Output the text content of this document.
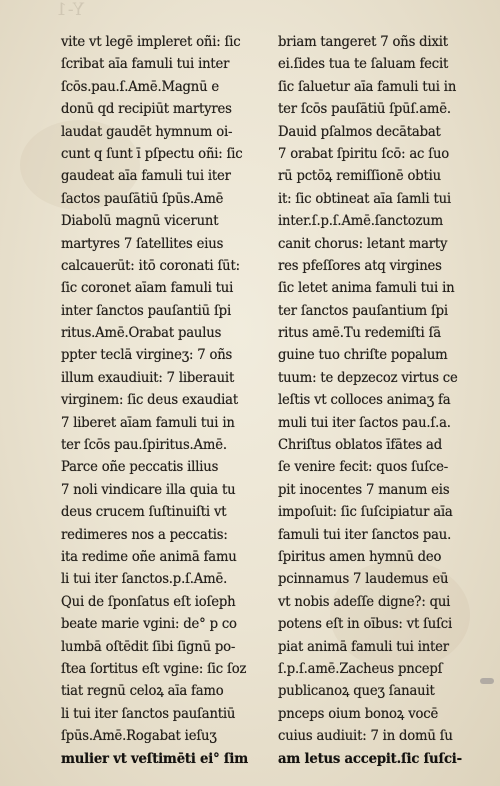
Y-1
vite vt legē impleret oñi: ſic
ſcribat aīa famuli tui inter
ſcōs.pau.ſ.Amē.Magnū e
donū qd recipiūt martyres
laudat gaudēt hymnum oi-
cunt q ſunt ī pſpectu oñi: ſic
gaudeat aīa famuli tui iter
ſactos pauſātiū ſpūs.Amē
Diabolū magnū vicerunt
martyres 7 ſatellites eius
calcauerūt: itō coronati ſūt:
ſic coronet aīam famuli tui
inter ſanctos pauſantiū ſpi
ritus.Amē.Orabat paulus
ppter teclā virgineʒ: 7 oñs
illum exaudiuit: 7 liberauit
virginem: ſic deus exaudiat
7 liberet aīam famuli tui in
ter ſcōs pau.ſpiritus.Amē.
Parce oñe peccatis illius
7 noli vindicare illa quia tu
deus crucem ſuſtinuiſti vt
redimeres nos a peccatis:
ita redime oñe animā famu
li tui iter ſanctos.p.ſ.Amē.
Qui de ſponſatus eſt ioſeph
beate marie vgini: de° p co
lumbā oſtēdit ſibi ſignū po-
ſtea ſortitus eſt vgine: ſic ſoz
tiat regnū celoꝝ aīa famo
li tui iter ſanctos pauſantiū
ſpūs.Amē.Rogabat ieſuʒ
mulier vt veſtimēti ei° ſim
briam tangeret 7 oñs dixit
ei.ſides tua te ſaluam fecit
ſic ſaluetur aīa famuli tui in
ter ſcōs pauſātiū ſpūſ.amē.
Dauid pſalmos decātabat
7 orabat ſpiritu ſcō: ac ſuo
rū pctōꝝ remiſſionē obtiu
it: ſic obtineat aīa ſamli tui
inter.ſ.p.ſ.Amē.ſanctozum
canit chorus: letant marty
res pfeſſores atq virgines
ſic letet anima famuli tui in
ter ſanctos pauſantium ſpi
ritus amē.Tu redemiſti ſā
guine tuo chriſte popalum
tuum: te depzecoz virtus ce
leſtis vt colloces animaʒ fa
muli tui iter ſactos pau.ſ.a.
Chriſtus oblatos īfātes ad
ſe venire fecit: quos ſuſce-
pit inocentes 7 manum eis
impoſuit: ſic ſuſcipiatur aīa
famuli tui iter ſanctos pau.
ſpiritus amen hymnū deo
pcinnamus 7 laudemus eū
vt nobis adeſſe digne?: qui
potens eſt in oībus: vt ſuſci
piat animā famuli tui inter
ſ.p.ſ.amē.Zacheus pncepſ
publicanoꝝ queʒ ſanauit
pnceps oium bonoꝝ vocē
cuius audiuit: 7 in domū ſu
am letus accepit.ſic ſuſci-
